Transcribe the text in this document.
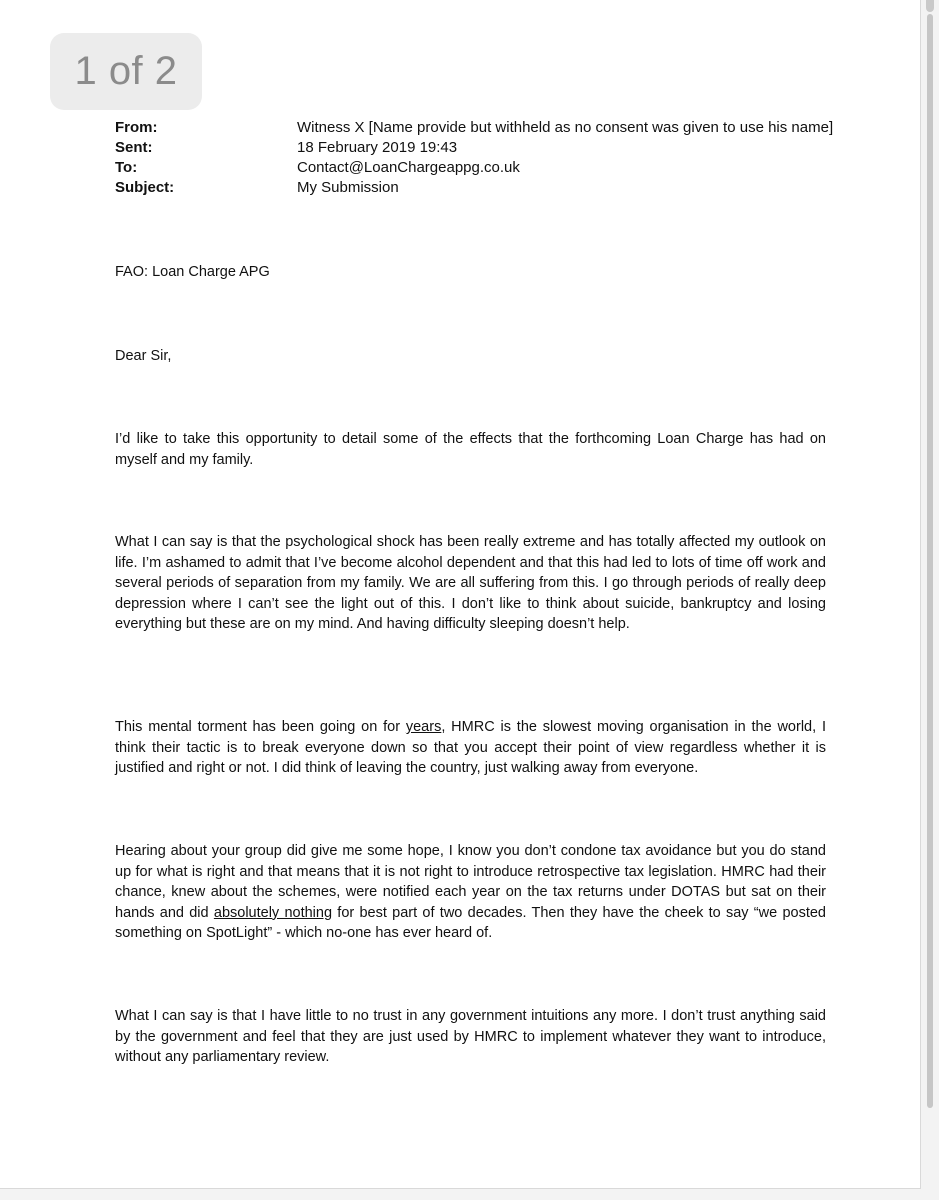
1 of 2
From:	Witness X [Name provide but withheld as no consent was given to use his name]
Sent:	18 February 2019 19:43
To:	Contact@LoanChargeappg.co.uk
Subject:	My Submission

FAO: Loan Charge APG

Dear Sir,

I’d like to take this opportunity to detail some of the effects that the forthcoming Loan Charge has had on myself and my family.

What I can say is that the psychological shock has been really extreme and has totally affected my outlook on life. I’m ashamed to admit that I’ve become alcohol dependent and that this had led to lots of time off work and several periods of separation from my family. We are all suffering from this. I go through periods of really deep depression where I can’t see the light out of this. I don’t like to think about suicide, bankruptcy and losing everything but these are on my mind. And having difficulty sleeping doesn’t help.

This mental torment has been going on for years, HMRC is the slowest moving organisation in the world, I think their tactic is to break everyone down so that you accept their point of view regardless whether it is justified and right or not. I did think of leaving the country, just walking away from everyone.

Hearing about your group did give me some hope, I know you don’t condone tax avoidance but you do stand up for what is right and that means that it is not right to introduce retrospective tax legislation. HMRC had their chance, knew about the schemes, were notified each year on the tax returns under DOTAS but sat on their hands and did absolutely nothing for best part of two decades. Then they have the cheek to say “we posted something on SpotLight” - which no-one has ever heard of.

What I can say is that I have little to no trust in any government intuitions any more. I don’t trust anything said by the government and feel that they are just used by HMRC to implement whatever they want to introduce, without any parliamentary review.
